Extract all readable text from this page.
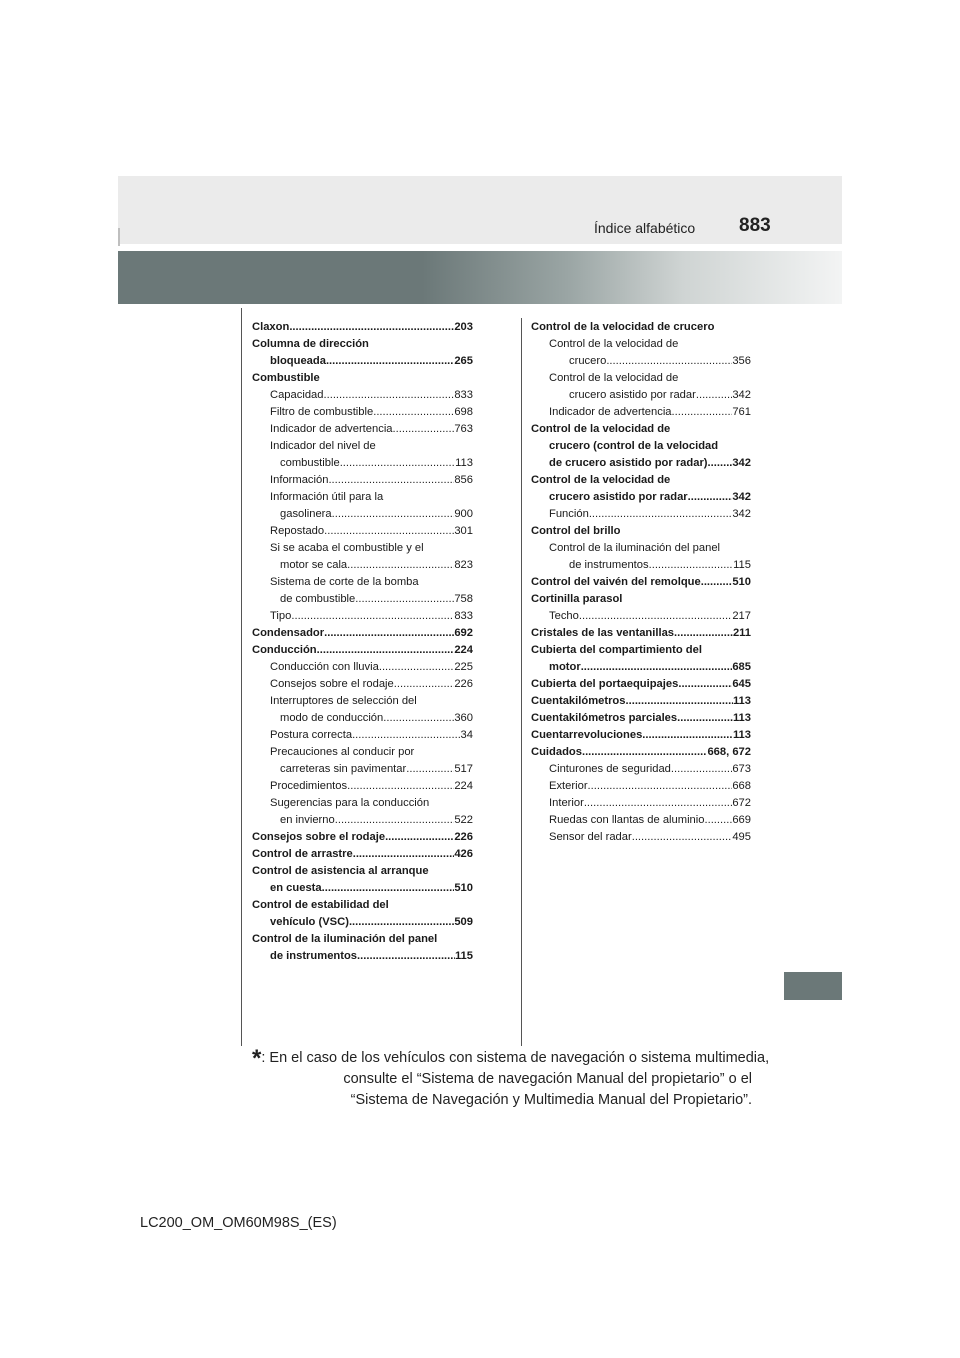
883
Índice alfabético
Claxon .....	203
Columna de dirección
bloqueada .....	265
Combustible
Capacidad .....	833
Filtro de combustible .....	698
Indicador de advertencia .....	763
Indicador del nivel de
combustible .....	113
Información .....	856
Información útil para la
gasolinera .....	900
Repostado .....	301
Si se acaba el combustible y el
motor se cala .....	823
Sistema de corte de la bomba
de combustible .....	758
Tipo .....	833
Condensador .....	692
Conducción .....	224
Conducción con lluvia .....	225
Consejos sobre el rodaje .....	226
Interruptores de selección del
modo de conducción .....	360
Postura correcta .....	34
Precauciones al conducir por
carreteras sin pavimentar .....	517
Procedimientos .....	224
Sugerencias para la conducción
en invierno .....	522
Consejos sobre el rodaje .....	226
Control de arrastre .....	426
Control de asistencia al arranque
en cuesta .....	510
Control de estabilidad del
vehículo (VSC) .....	509
Control de la iluminación del panel
de instrumentos .....	115
Control de la velocidad de crucero
Control de la velocidad de
crucero .....	356
Control de la velocidad de
crucero asistido por radar .....	342
Indicador de advertencia .....	761
Control de la velocidad de
crucero (control de la velocidad
de crucero asistido por radar) ..... 342
Control de la velocidad de
crucero asistido por radar .....	342
Función .....	342
Control del brillo
Control de la iluminación del panel
de instrumentos .....	115
Control del vaivén del remolque .....	510
Cortinilla parasol
Techo .....	217
Cristales de las ventanillas .....	211
Cubierta del compartimiento del
motor .....	685
Cubierta del portaequipajes .....	645
Cuentakilómetros .....	113
Cuentakilómetros parciales .....	113
Cuentarrevoluciones .....	113
Cuidados .....	668, 672
Cinturones de seguridad .....	673
Exterior .....	668
Interior .....	672
Ruedas con llantas de aluminio ..... 669
Sensor del radar .....	495
*: En el caso de los vehículos con sistema de navegación o sistema multimedia,
consulte el “Sistema de navegación Manual del propietario” o el
“Sistema de Navegación y Multimedia Manual del Propietario”.
LC200_OM_OM60M98S_(ES)
